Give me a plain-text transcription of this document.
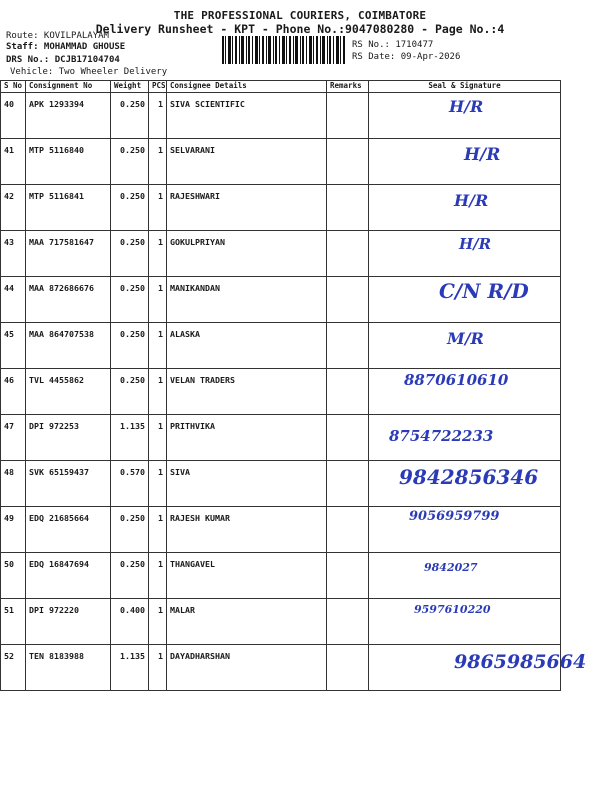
THE PROFESSIONAL COURIERS, COIMBATORE
Delivery Runsheet - KPT - Phone No.:9047080280 - Page No.:4
Route: KOVILPALAYAM
Staff: MOHAMMAD GHOUSE
DRS No.: DCJB17104704
Vehicle: Two Wheeler Delivery
RS No.: 1710477
RS Date: 09-Apr-2026
S No	Consignment No	Weight	PCS	Consignee Details	Remarks	Seal & Signature
40	APK 1293394	0.250	1	SIVA SCIENTIFIC		H/R

41	MTP 5116840	0.250	1	SELVARANI		H/R

42	MTP 5116841	0.250	1	RAJESHWARI		H/R

43	MAA 717581647	0.250	1	GOKULPRIYAN		H/R

44	MAA 872686676	0.250	1	MANIKANDAN		C/N R/D

45	MAA 864707538	0.250	1	ALASKA		M/R

46	TVL 4455862	0.250	1	VELAN TRADERS		8870610610

47	DPI 972253	1.135	1	PRITHVIKA		8754722233

48	SVK 65159437	0.570	1	SIVA		9842856346

49	EDQ 21685664	0.250	1	RAJESH KUMAR		9056959799

50	EDQ 16847694	0.250	1	THANGAVEL		9842027

51	DPI 972220	0.400	1	MALAR		9597610220

52	TEN 8183988	1.135	1	DAYADHARSHAN		9865985664
